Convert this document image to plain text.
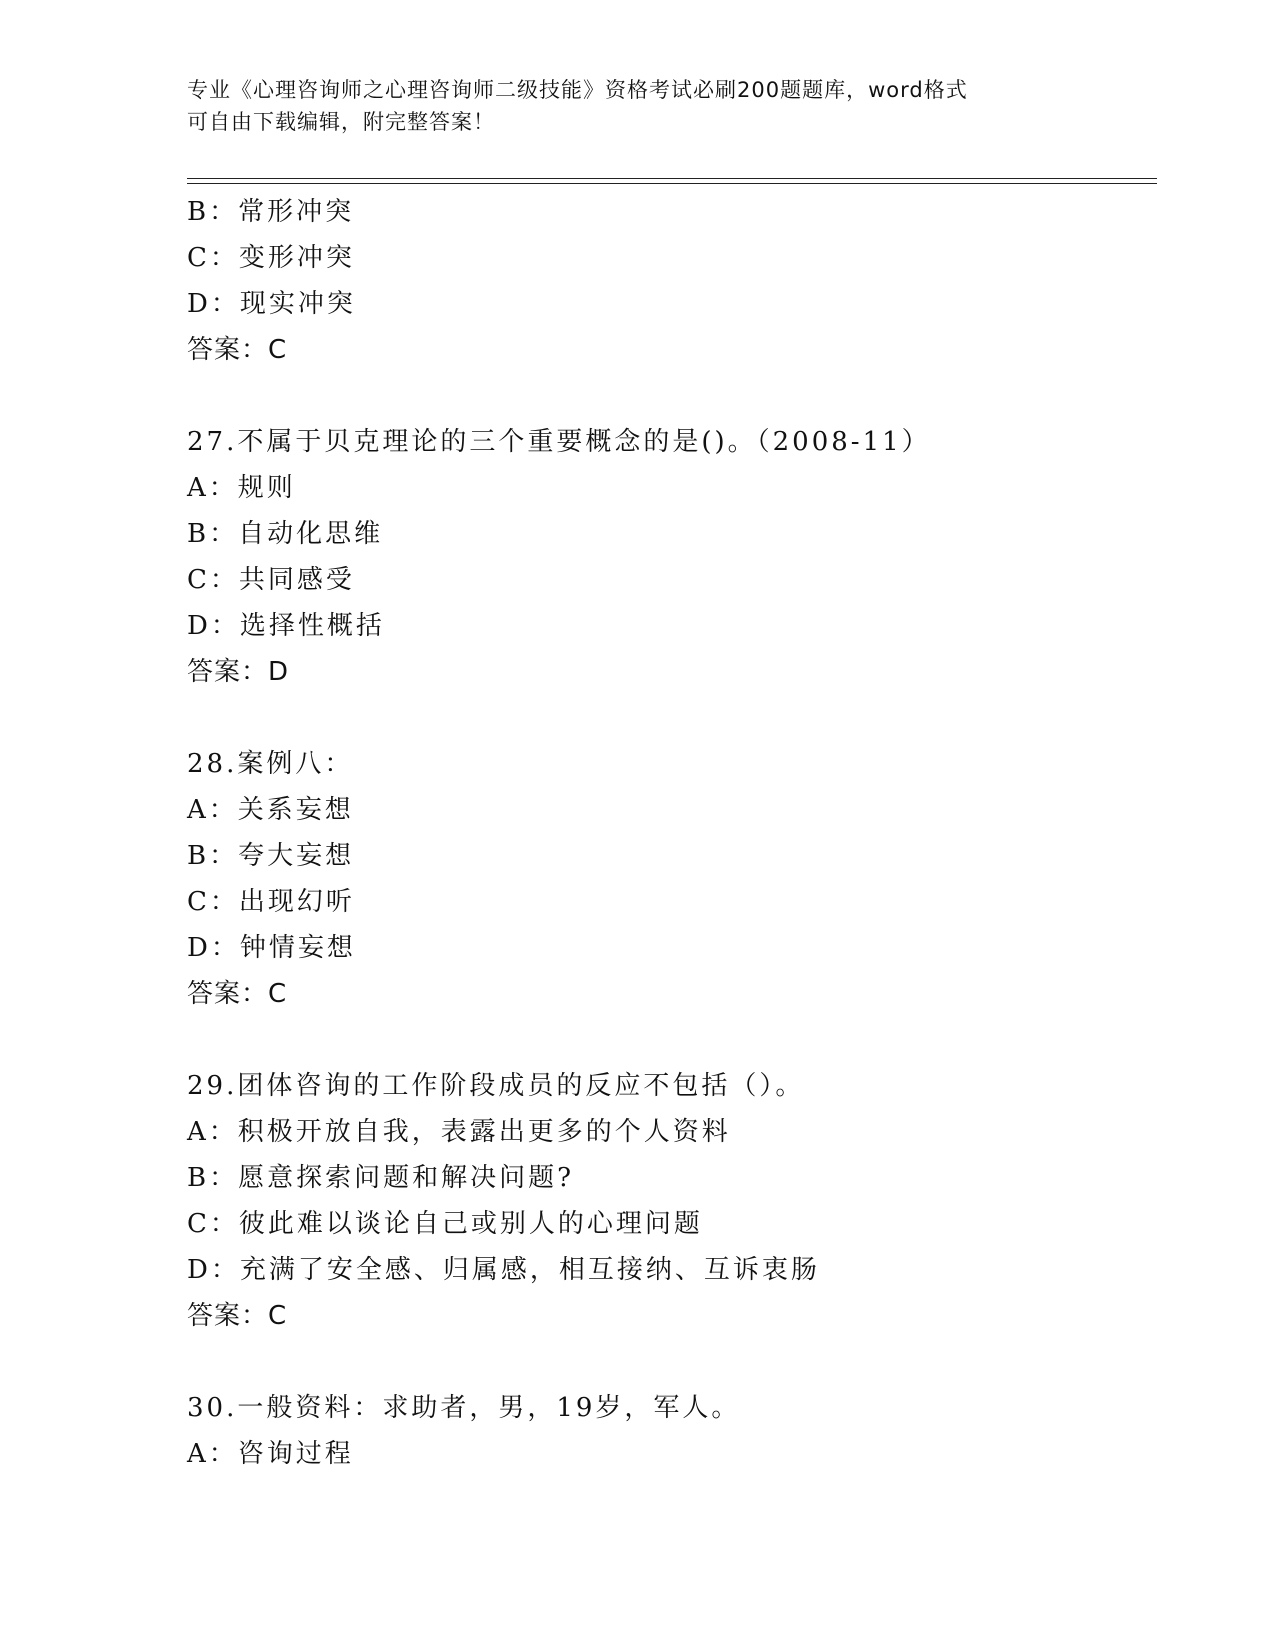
专业《心理咨询师之心理咨询师二级技能》资格考试必刷200题题库，word格式
可自由下载编辑，附完整答案！
B：常形冲突
C：变形冲突
D：现实冲突
答案：C
27.不属于贝克理论的三个重要概念的是()。（2008-11）
A：规则
B：自动化思维
C：共同感受
D：选择性概括
答案：D
28.案例八：
A：关系妄想
B：夸大妄想
C：出现幻听
D：钟情妄想
答案：C
29.团体咨询的工作阶段成员的反应不包括（）。
A：积极开放自我，表露出更多的个人资料
B：愿意探索问题和解决问题?
C：彼此难以谈论自己或别人的心理问题
D：充满了安全感、归属感，相互接纳、互诉衷肠
答案：C
30.一般资料：求助者，男，19岁，军人。
A：咨询过程
